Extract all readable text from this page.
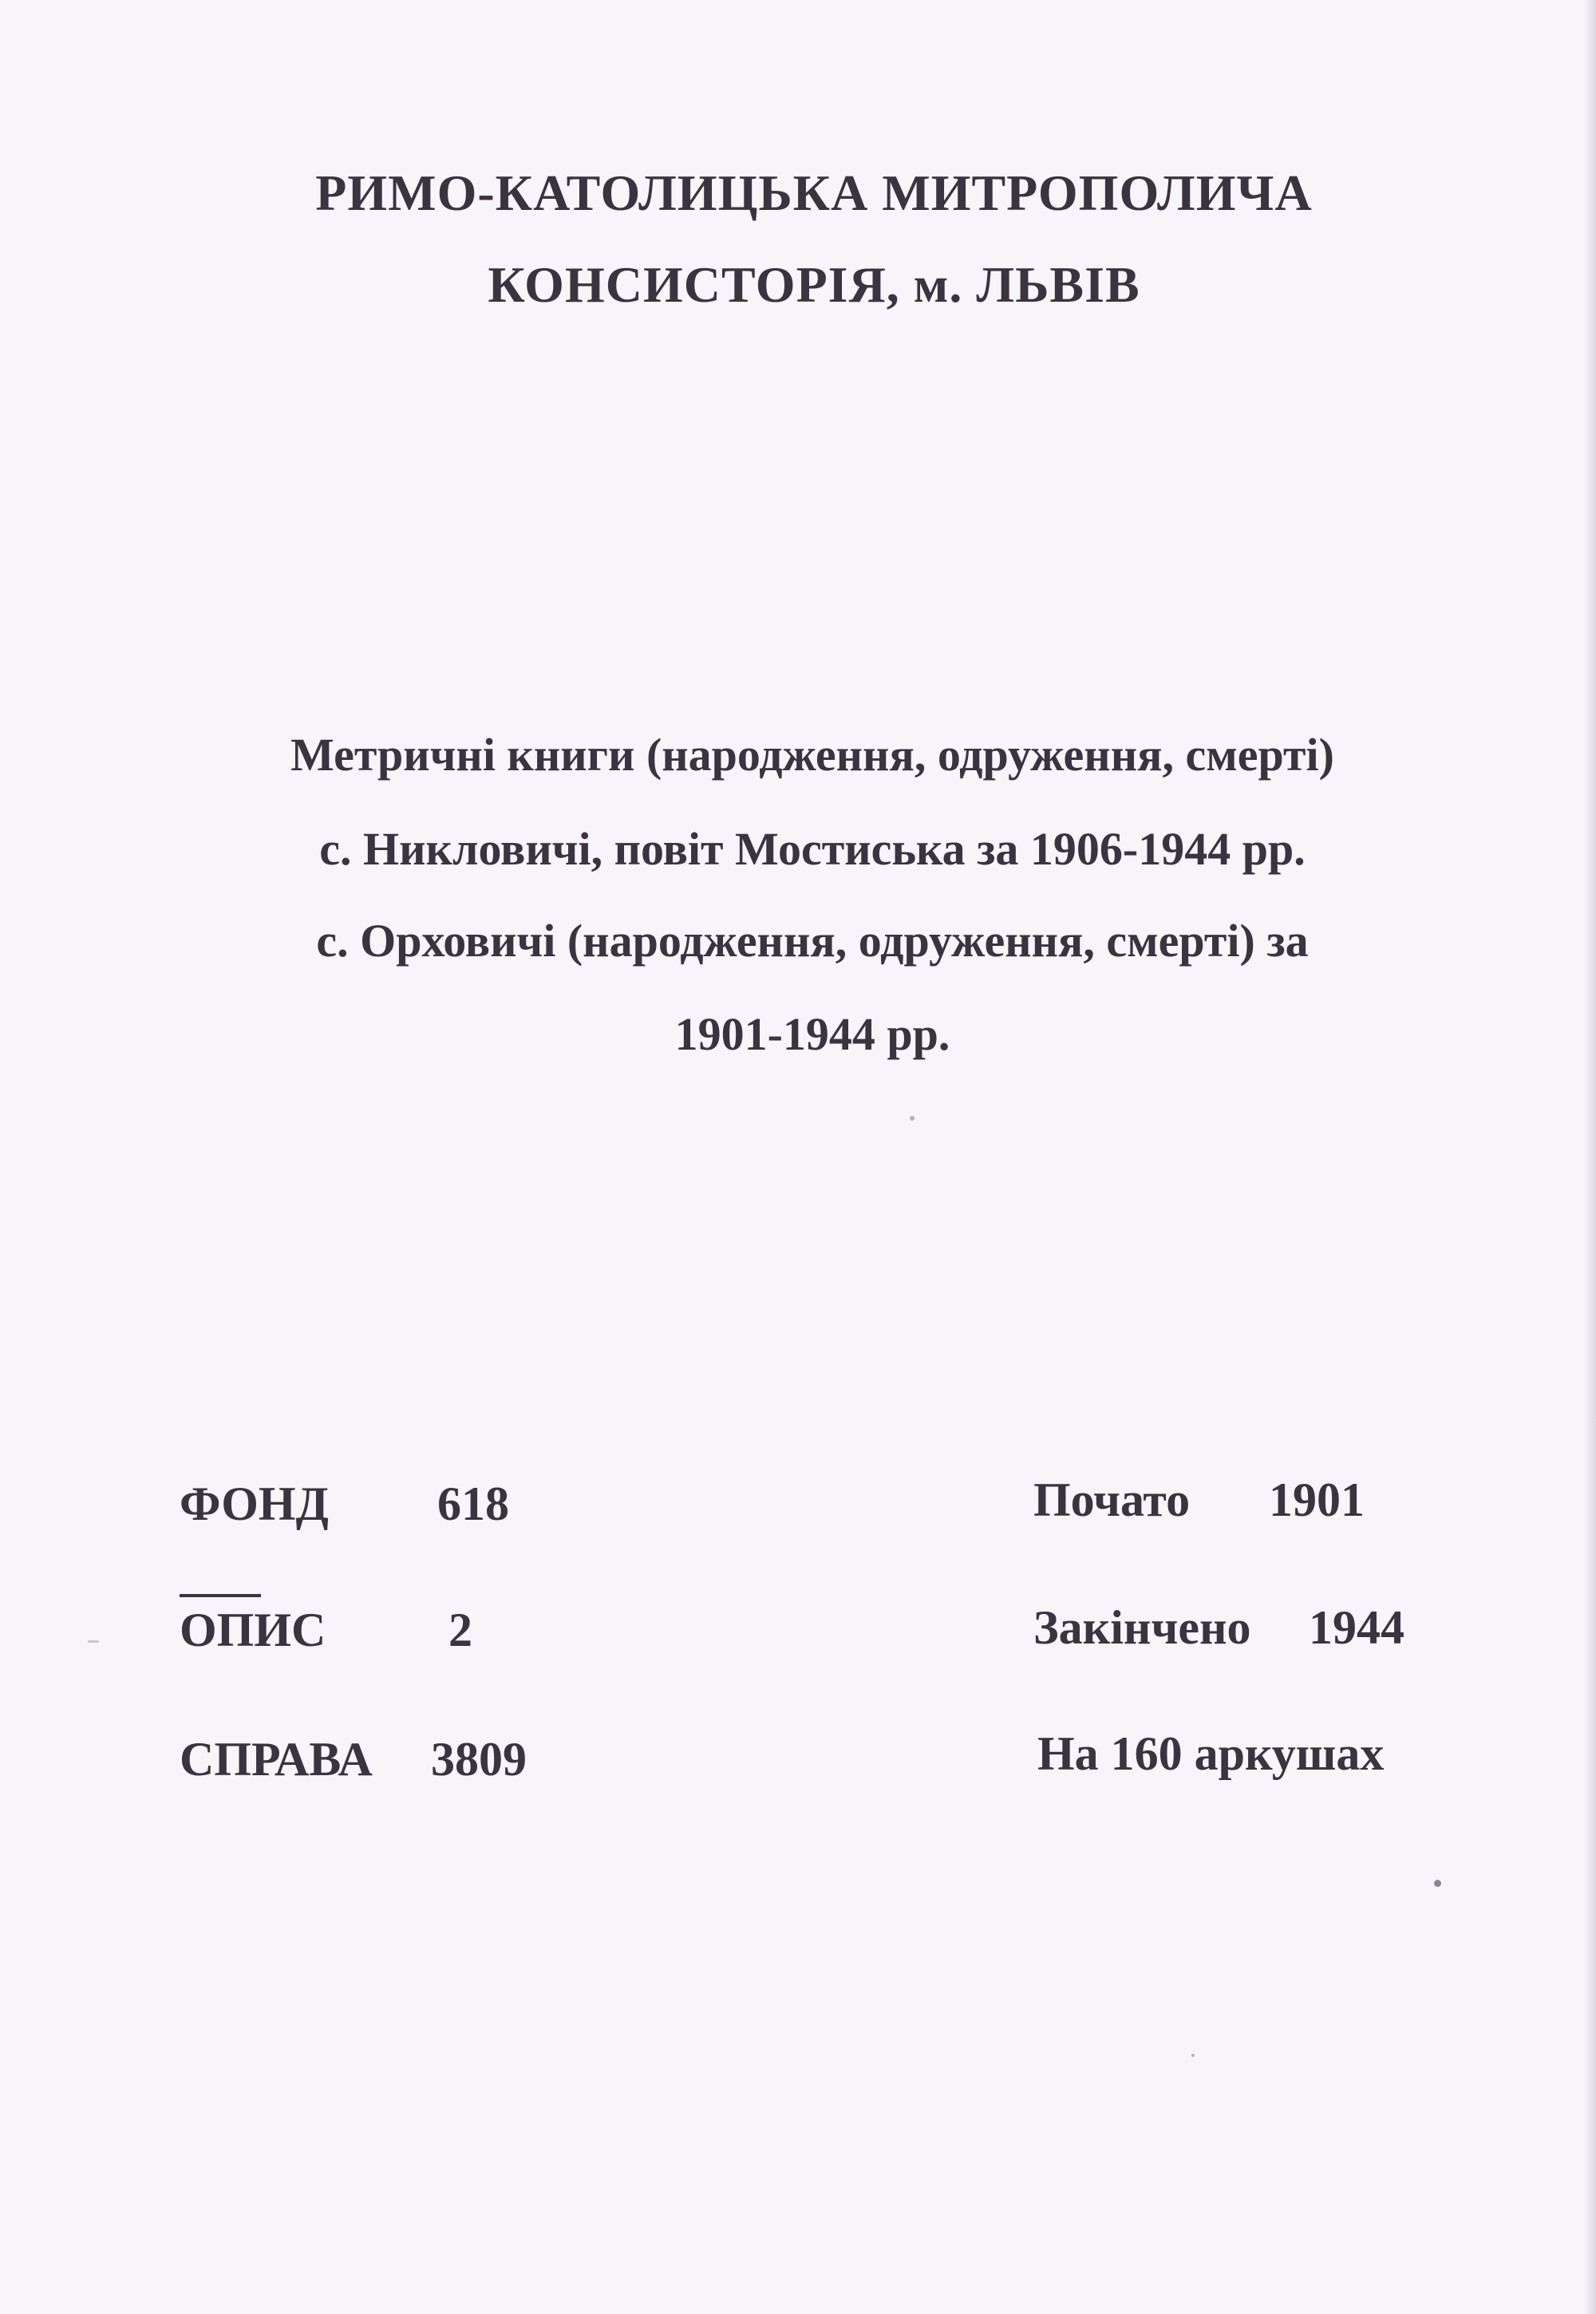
РИМО-КАТОЛИЦЬКА МИТРОПОЛИЧА
КОНСИСТОРІЯ, м. ЛЬВІВ
Метричні книги (народження, одруження, смерті)
с. Никловичі, повіт Мостиська за 1906-1944 рр.
с. Орховичі (народження, одруження, смерті) за
1901-1944 рр.
ФОНД 618
ОПИС	2
СПРАВА 3809
Почато 1901
Закінчено 1944
На 160 аркушах
